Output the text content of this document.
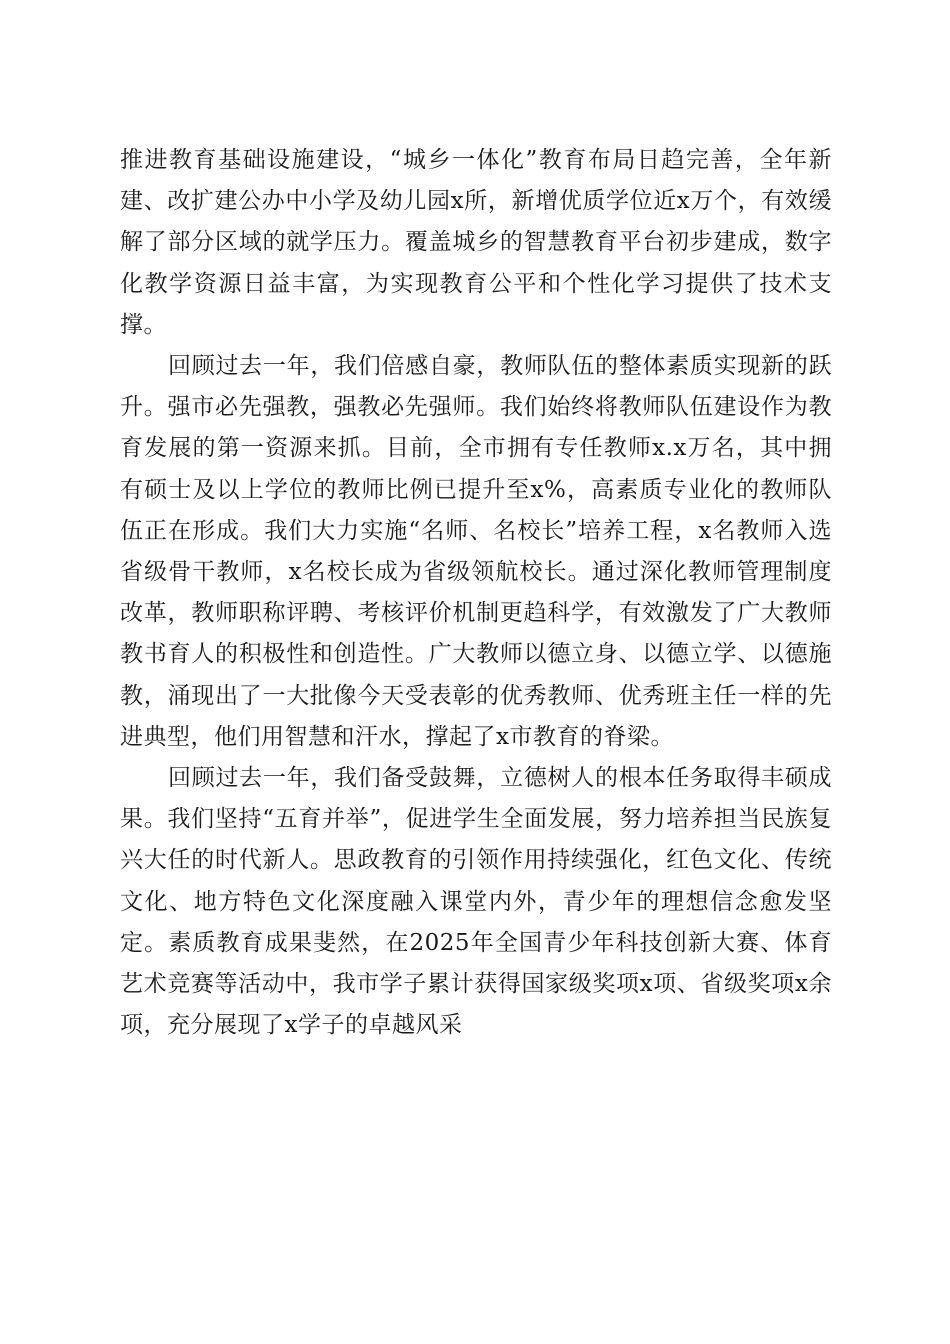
推进教育基础设施建设，“城乡一体化”教育布局日趋完善，全年新建、改扩建公办中小学及幼儿园x所，新增优质学位近x万个，有效缓解了部分区域的就学压力。覆盖城乡的智慧教育平台初步建成，数字化教学资源日益丰富，为实现教育公平和个性化学习提供了技术支撑。

回顾过去一年，我们倍感自豪，教师队伍的整体素质实现新的跃升。强市必先强教，强教必先强师。我们始终将教师队伍建设作为教育发展的第一资源来抓。目前，全市拥有专任教师x.x万名，其中拥有硕士及以上学位的教师比例已提升至x%，高素质专业化的教师队伍正在形成。我们大力实施“名师、名校长”培养工程，x名教师入选省级骨干教师，x名校长成为省级领航校长。通过深化教师管理制度改革，教师职称评聘、考核评价机制更趋科学，有效激发了广大教师教书育人的积极性和创造性。广大教师以德立身、以德立学、以德施教，涌现出了一大批像今天受表彰的优秀教师、优秀班主任一样的先进典型，他们用智慧和汗水，撑起了x市教育的脊梁。

回顾过去一年，我们备受鼓舞，立德树人的根本任务取得丰硕成果。我们坚持“五育并举”，促进学生全面发展，努力培养担当民族复兴大任的时代新人。思政教育的引领作用持续强化，红色文化、传统文化、地方特色文化深度融入课堂内外，青少年的理想信念愈发坚定。素质教育成果斐然，在2025年全国青少年科技创新大赛、体育艺术竞赛等活动中，我市学子累计获得国家级奖项x项、省级奖项x余项，充分展现了x学子的卓越风采
